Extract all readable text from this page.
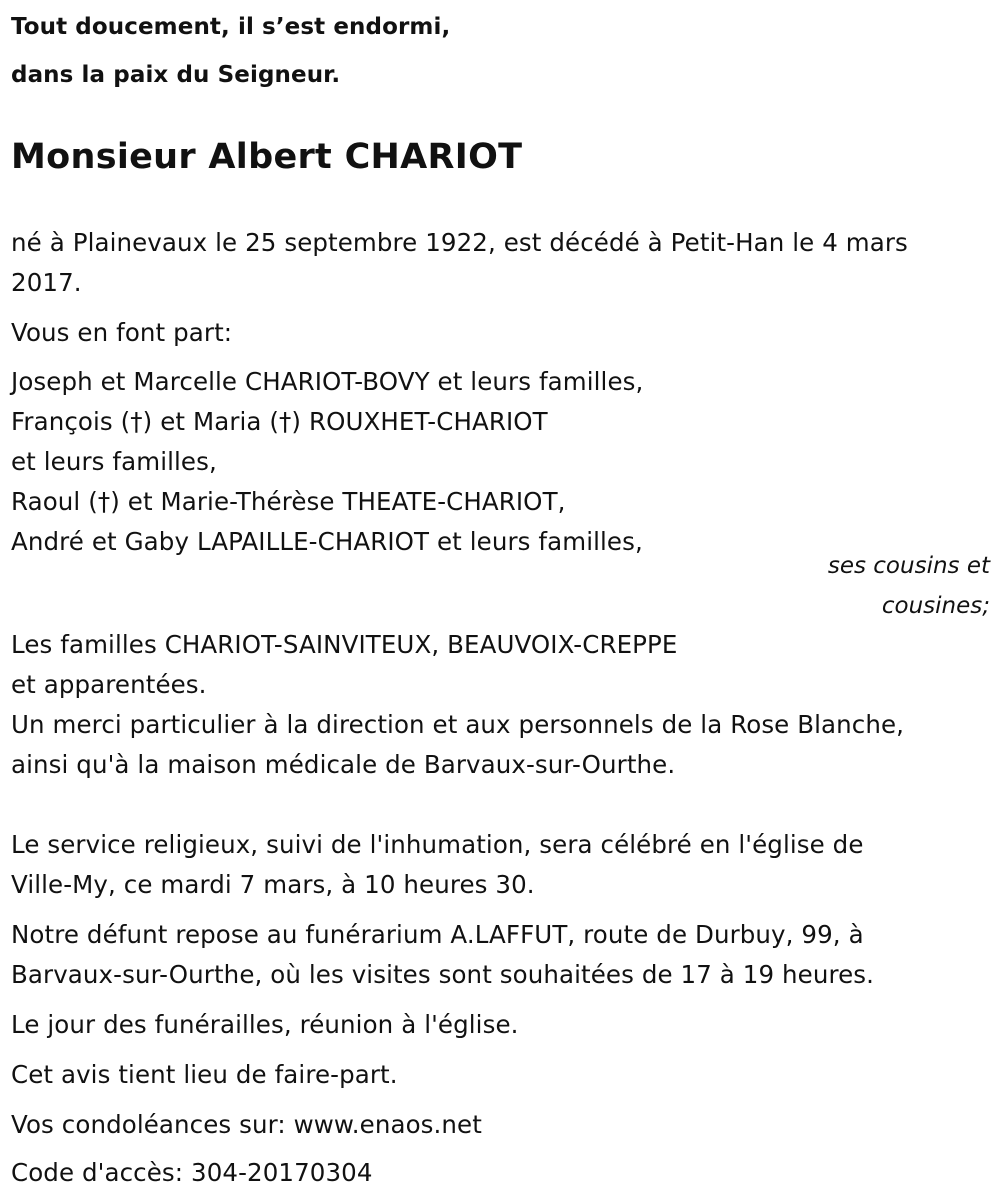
Tout doucement, il s’est endormi,
dans la paix du Seigneur.
Monsieur Albert CHARIOT
né à Plainevaux le 25 septembre 1922, est décédé à Petit-Han le 4 mars
2017.
Vous en font part:
Joseph et Marcelle CHARIOT-BOVY et leurs familles,
François (†) et Maria (†) ROUXHET-CHARIOT
et leurs familles,
Raoul (†) et Marie-Thérèse THEATE-CHARIOT,
André et Gaby LAPAILLE-CHARIOT et leurs familles,
ses cousins et
cousines;
Les familles CHARIOT-SAINVITEUX, BEAUVOIX-CREPPE
et apparentées.
Un merci particulier à la direction et aux personnels de la Rose Blanche,
ainsi qu'à la maison médicale de Barvaux-sur-Ourthe.
Le service religieux, suivi de l'inhumation, sera célébré en l'église de
Ville-My, ce mardi 7 mars, à 10 heures 30.
Notre défunt repose au funérarium A.LAFFUT, route de Durbuy, 99, à
Barvaux-sur-Ourthe, où les visites sont souhaitées de 17 à 19 heures.
Le jour des funérailles, réunion à l'église.
Cet avis tient lieu de faire-part.
Vos condoléances sur: www.enaos.net
Code d'accès: 304-20170304
